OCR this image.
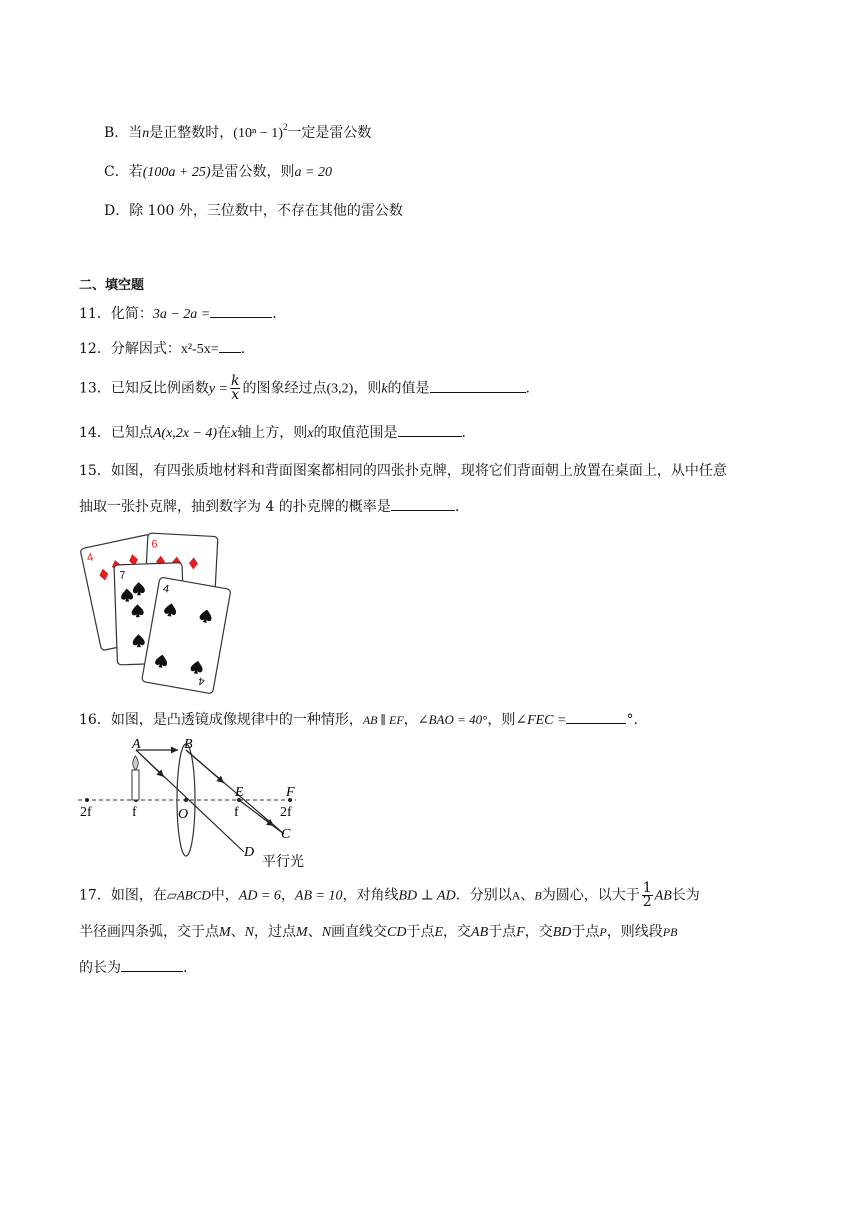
B．当n是正整数时，$(10^n - 1)^2$一定是雷公数
C．若(100a + 25)是雷公数，则a = 20
D．除 100 外，三位数中，不存在其他的雷公数
二、填空题
11．化简：3a − 2a =	.
12．分解因式：x²-5x= .
13．已知反比例函数$y = \frac{k}{x}$ 的图象经过点(3,2)，则k的值是	.
14．已知点A(x,2x − 4)在x轴上方，则x的取值范围是	.
15．如图，有四张质地材料和背面图案都相同的四张扑克牌，现将它们背面朝上放置在桌面上，从中任意
抽取一张扑克牌，抽到数字为 4 的扑克牌的概率是	.
4
6
7
4
4
16．如图，是凸透镜成像规律中的一种情形，AB ∥ EF，∠BAO = 40°，则∠FEC =	°.
A	B
O
D
E	F
C
2f	f	f	2f
平行光
17．如图，在▱ABCD中，AD = 6，AB = 10，对角线BD ⊥ AD．分别以A、B为圆心，以大于 $\frac{1}{2}$ AB长为
半径画四条弧，交于点M、N，过点M、N画直线交CD于点E，交AB于点F，交BD于点P，则线段PB
的长为	.
